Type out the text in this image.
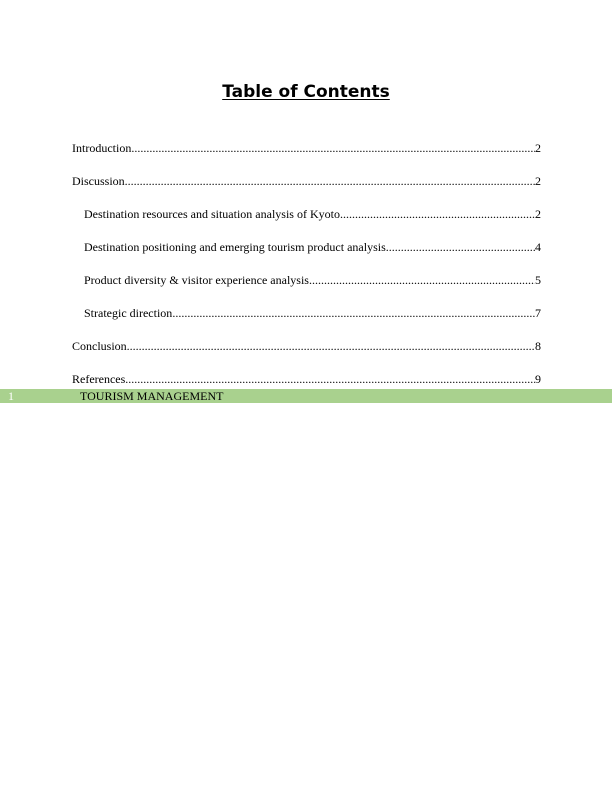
Table of Contents
Introduction .....	2
Discussion .....	2
Destination resources and situation analysis of Kyoto .....	2
Destination positioning and emerging tourism product analysis .....	4
Product diversity & visitor experience analysis .....	5
Strategic direction .....	7
Conclusion .....	8
References .....	9
1	TOURISM MANAGEMENT
